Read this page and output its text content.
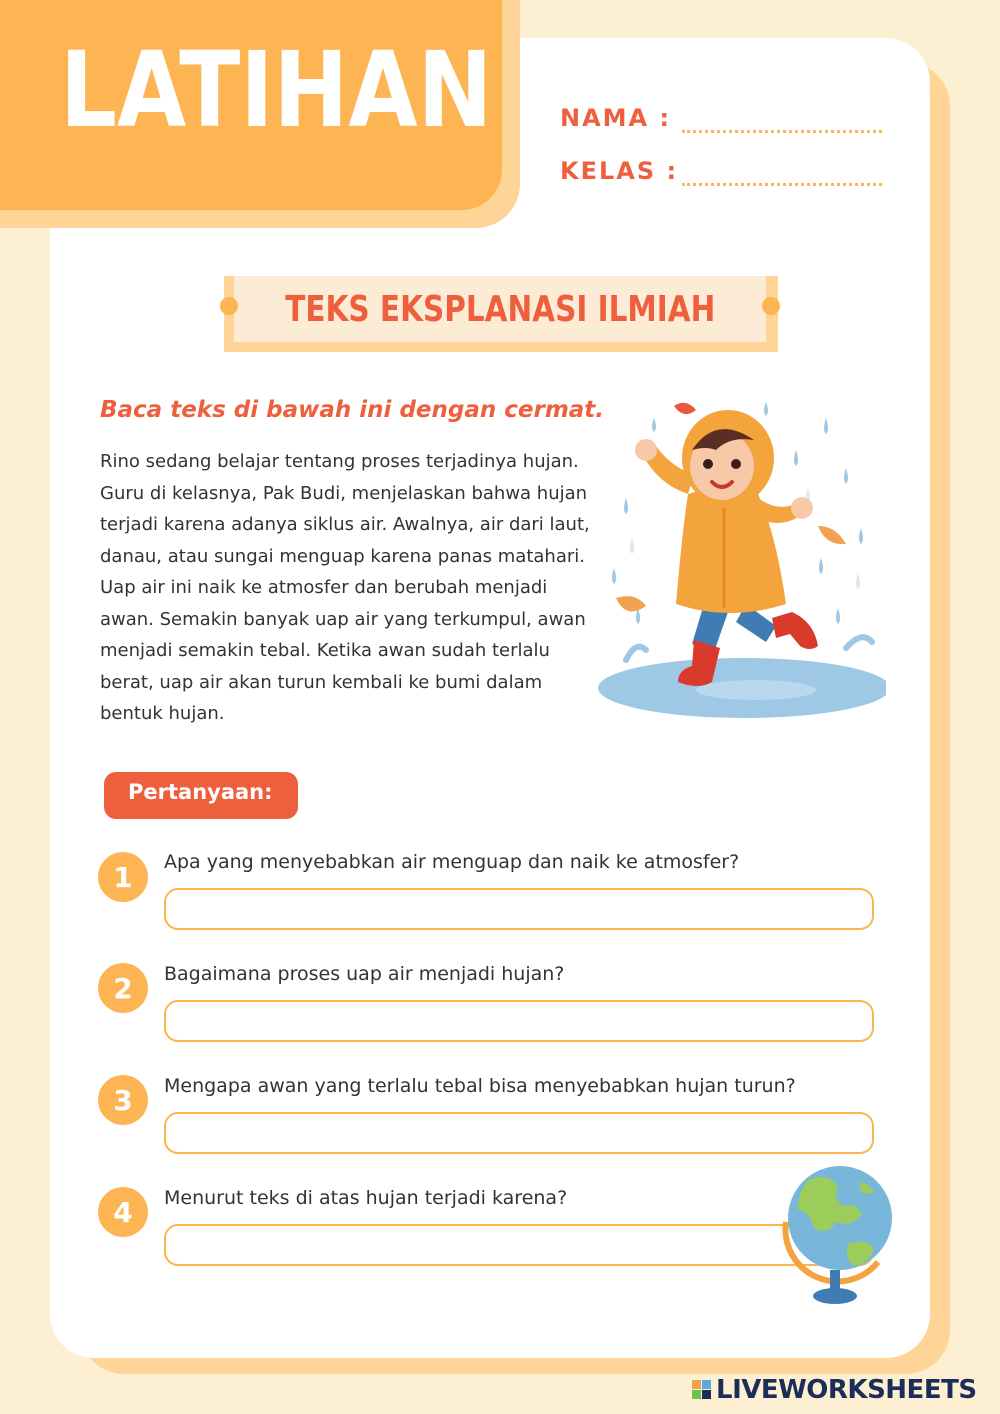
LATIHAN	NAMA :
KELAS :
TEKS EKSPLANASI ILMIAH
Baca teks di bawah ini dengan cermat.
Rino sedang belajar tentang proses terjadinya hujan.
Guru di kelasnya, Pak Budi, menjelaskan bahwa hujan
terjadi karena adanya siklus air. Awalnya, air dari laut,
danau, atau sungai menguap karena panas matahari.
Uap air ini naik ke atmosfer dan berubah menjadi
awan. Semakin banyak uap air yang terkumpul, awan
menjadi semakin tebal. Ketika awan sudah terlalu
berat, uap air akan turun kembali ke bumi dalam
bentuk hujan.
Pertanyaan:
1	Apa yang menyebabkan air menguap dan naik ke atmosfer?
2	Bagaimana proses uap air menjadi hujan?
3	Mengapa awan yang terlalu tebal bisa menyebabkan hujan turun?
4	Menurut teks di atas hujan terjadi karena?
LIVEWORKSHEETS
